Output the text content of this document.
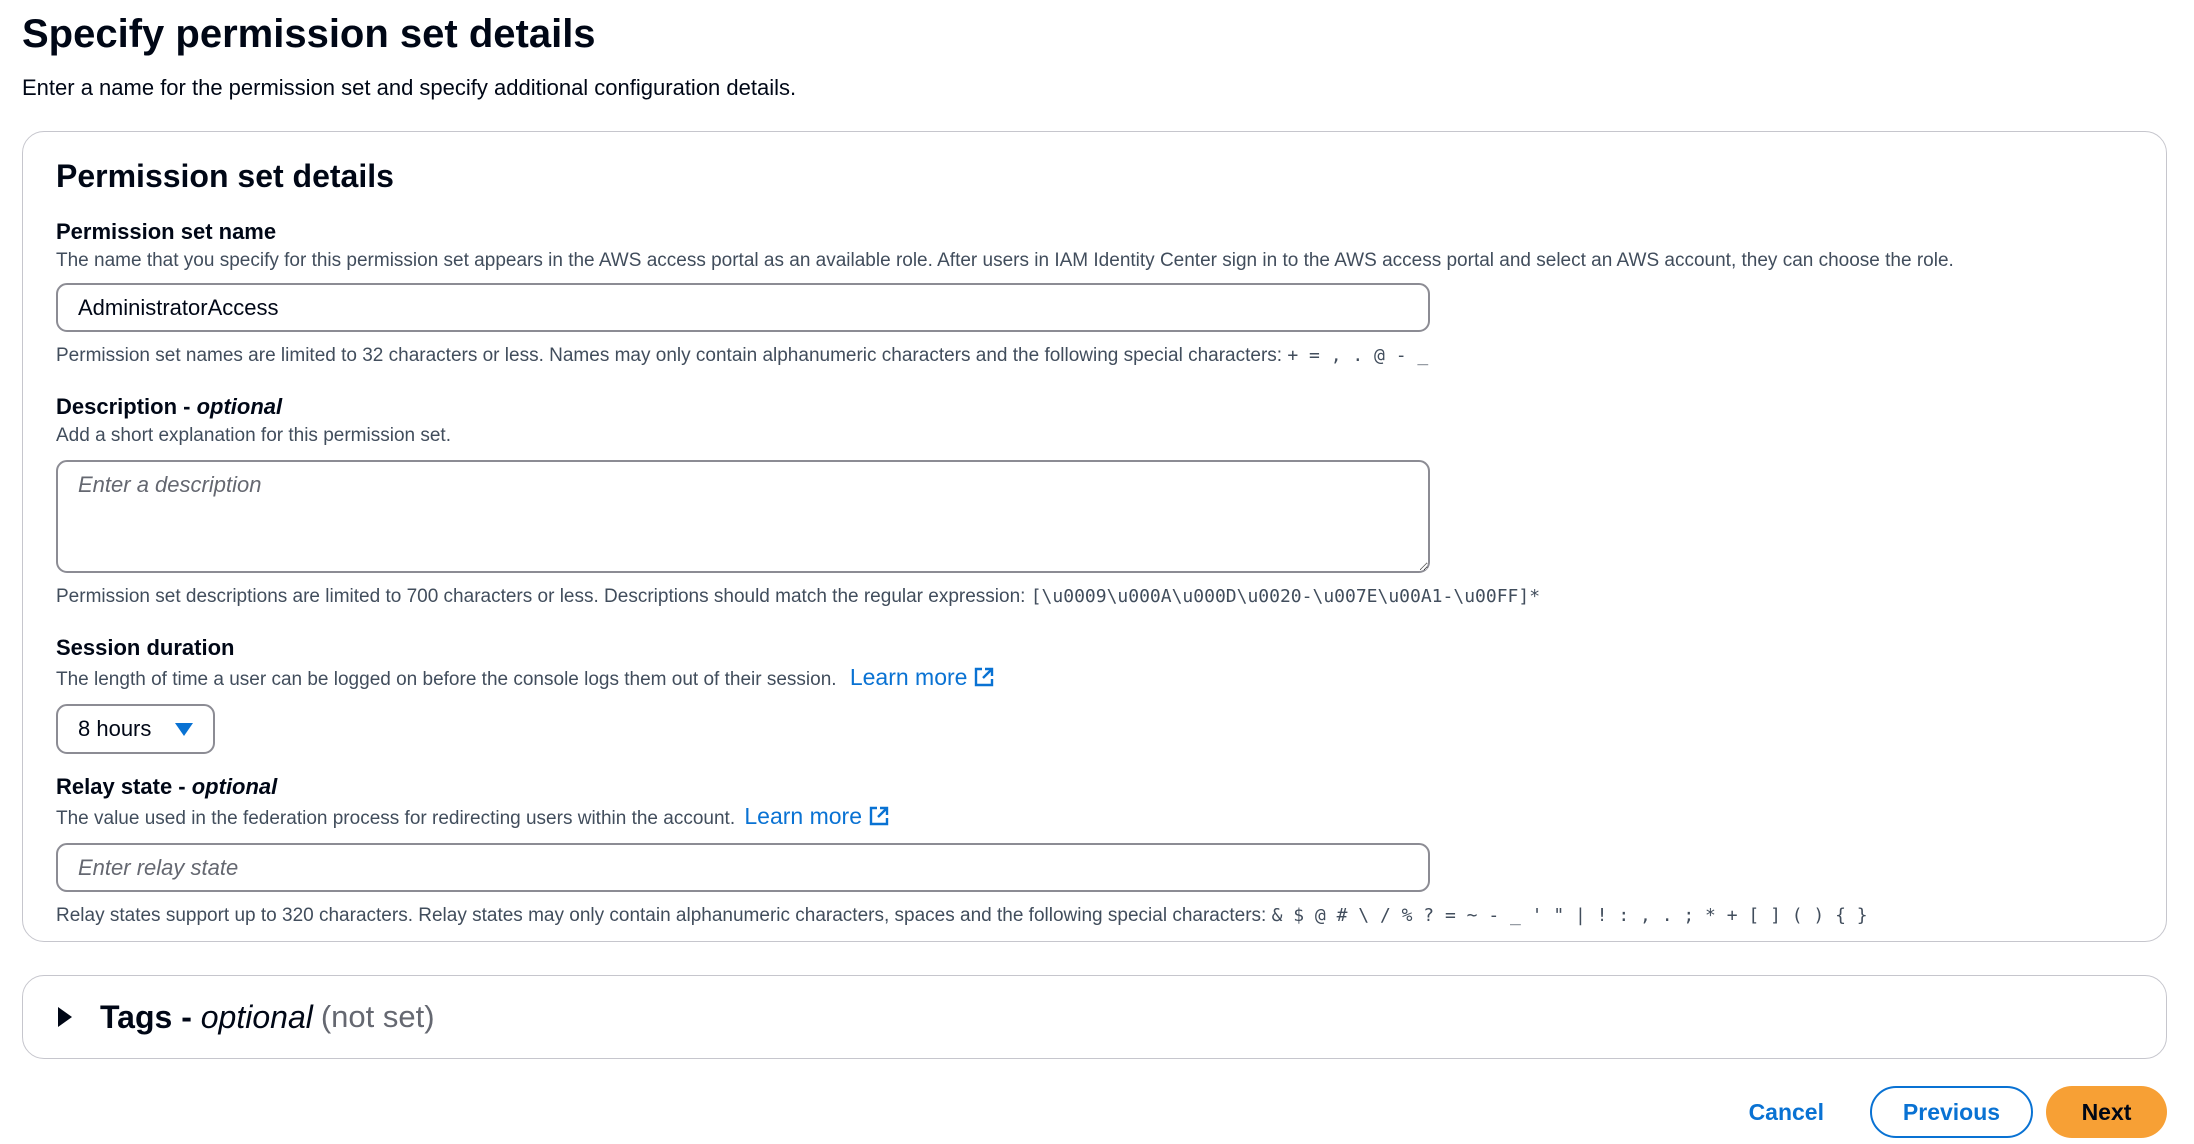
Specify permission set details

Enter a name for the permission set and specify additional configuration details.

Permission set details
Permission set name
The name that you specify for this permission set appears in the AWS access portal as an available role. After users in IAM Identity Center sign in to the AWS access portal and select an AWS account, they can choose the role.
AdministratorAccess
Permission set names are limited to 32 characters or less. Names may only contain alphanumeric characters and the following special characters: + = , . @ - _
Description - optional
Add a short explanation for this permission set.
Enter a description
Permission set descriptions are limited to 700 characters or less. Descriptions should match the regular expression: [\u0009\u000A\u000D\u0020-\u007E\u00A1-\u00FF]*
Session duration
The length of time a user can be logged on before the console logs them out of their session. Learn more
8 hours
Relay state - optional
The value used in the federation process for redirecting users within the account. Learn more
Enter relay state
Relay states support up to 320 characters. Relay states may only contain alphanumeric characters, spaces and the following special characters: & $ @ # \ / % ? = ~ - _ ' " | ! : , . ; * + [ ] ( ) { }
Tags - optional (not set)
Cancel	Previous	Next
